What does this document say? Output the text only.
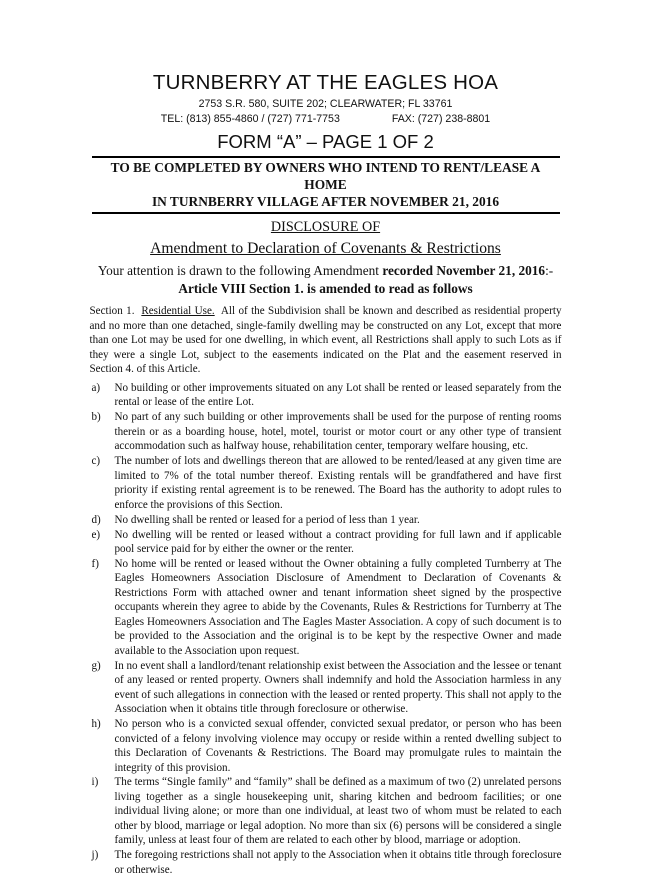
TURNBERRY AT THE EAGLES HOA
2753 S.R. 580, SUITE 202; CLEARWATER; FL 33761
TEL: (813) 855-4860 / (727) 771-7753	FAX: (727) 238-8801
FORM “A” – PAGE 1 OF 2
TO BE COMPLETED BY OWNERS WHO INTEND TO RENT/LEASE A HOME
IN TURNBERRY VILLAGE AFTER NOVEMBER 21, 2016
DISCLOSURE OF
Amendment to Declaration of Covenants & Restrictions
Your attention is drawn to the following Amendment recorded November 21, 2016:-
Article VIII Section 1. is amended to read as follows

Section 1. Residential Use. All of the Subdivision shall be known and described as residential property and no more than one detached, single-family dwelling may be constructed on any Lot, except that more than one Lot may be used for one dwelling, in which event, all Restrictions shall apply to such Lots as if they were a single Lot, subject to the easements indicated on the Plat and the easement reserved in Section 4. of this Article.

a)	No building or other improvements situated on any Lot shall be rented or leased separately from the rental or lease of the entire Lot.
b)	No part of any such building or other improvements shall be used for the purpose of renting rooms therein or as a boarding house, hotel, motel, tourist or motor court or any other type of transient accommodation such as halfway house, rehabilitation center, temporary welfare housing, etc.
c)	The number of lots and dwellings thereon that are allowed to be rented/leased at any given time are limited to 7% of the total number thereof. Existing rentals will be grandfathered and have first priority if existing rental agreement is to be renewed. The Board has the authority to adopt rules to enforce the provisions of this Section.
d)	No dwelling shall be rented or leased for a period of less than 1 year.
e)	No dwelling will be rented or leased without a contract providing for full lawn and if applicable pool service paid for by either the owner or the renter.
f)	No home will be rented or leased without the Owner obtaining a fully completed Turnberry at The Eagles Homeowners Association Disclosure of Amendment to Declaration of Covenants & Restrictions Form with attached owner and tenant information sheet signed by the prospective occupants wherein they agree to abide by the Covenants, Rules & Restrictions for Turnberry at The Eagles Homeowners Association and The Eagles Master Association. A copy of such document is to be provided to the Association and the original is to be kept by the respective Owner and made available to the Association upon request.
g)	In no event shall a landlord/tenant relationship exist between the Association and the lessee or tenant of any leased or rented property. Owners shall indemnify and hold the Association harmless in any event of such allegations in connection with the leased or rented property. This shall not apply to the Association when it obtains title through foreclosure or otherwise.
h)	No person who is a convicted sexual offender, convicted sexual predator, or person who has been convicted of a felony involving violence may occupy or reside within a rented dwelling subject to this Declaration of Covenants & Restrictions. The Board may promulgate rules to maintain the integrity of this provision.
i)	The terms “Single family” and “family” shall be defined as a maximum of two (2) unrelated persons living together as a single housekeeping unit, sharing kitchen and bedroom facilities; or one individual living alone; or more than one individual, at least two of whom must be related to each other by blood, marriage or legal adoption. No more than six (6) persons will be considered a single family, unless at least four of them are related to each other by blood, marriage or adoption.
j)	The foregoing restrictions shall not apply to the Association when it obtains title through foreclosure or otherwise.
